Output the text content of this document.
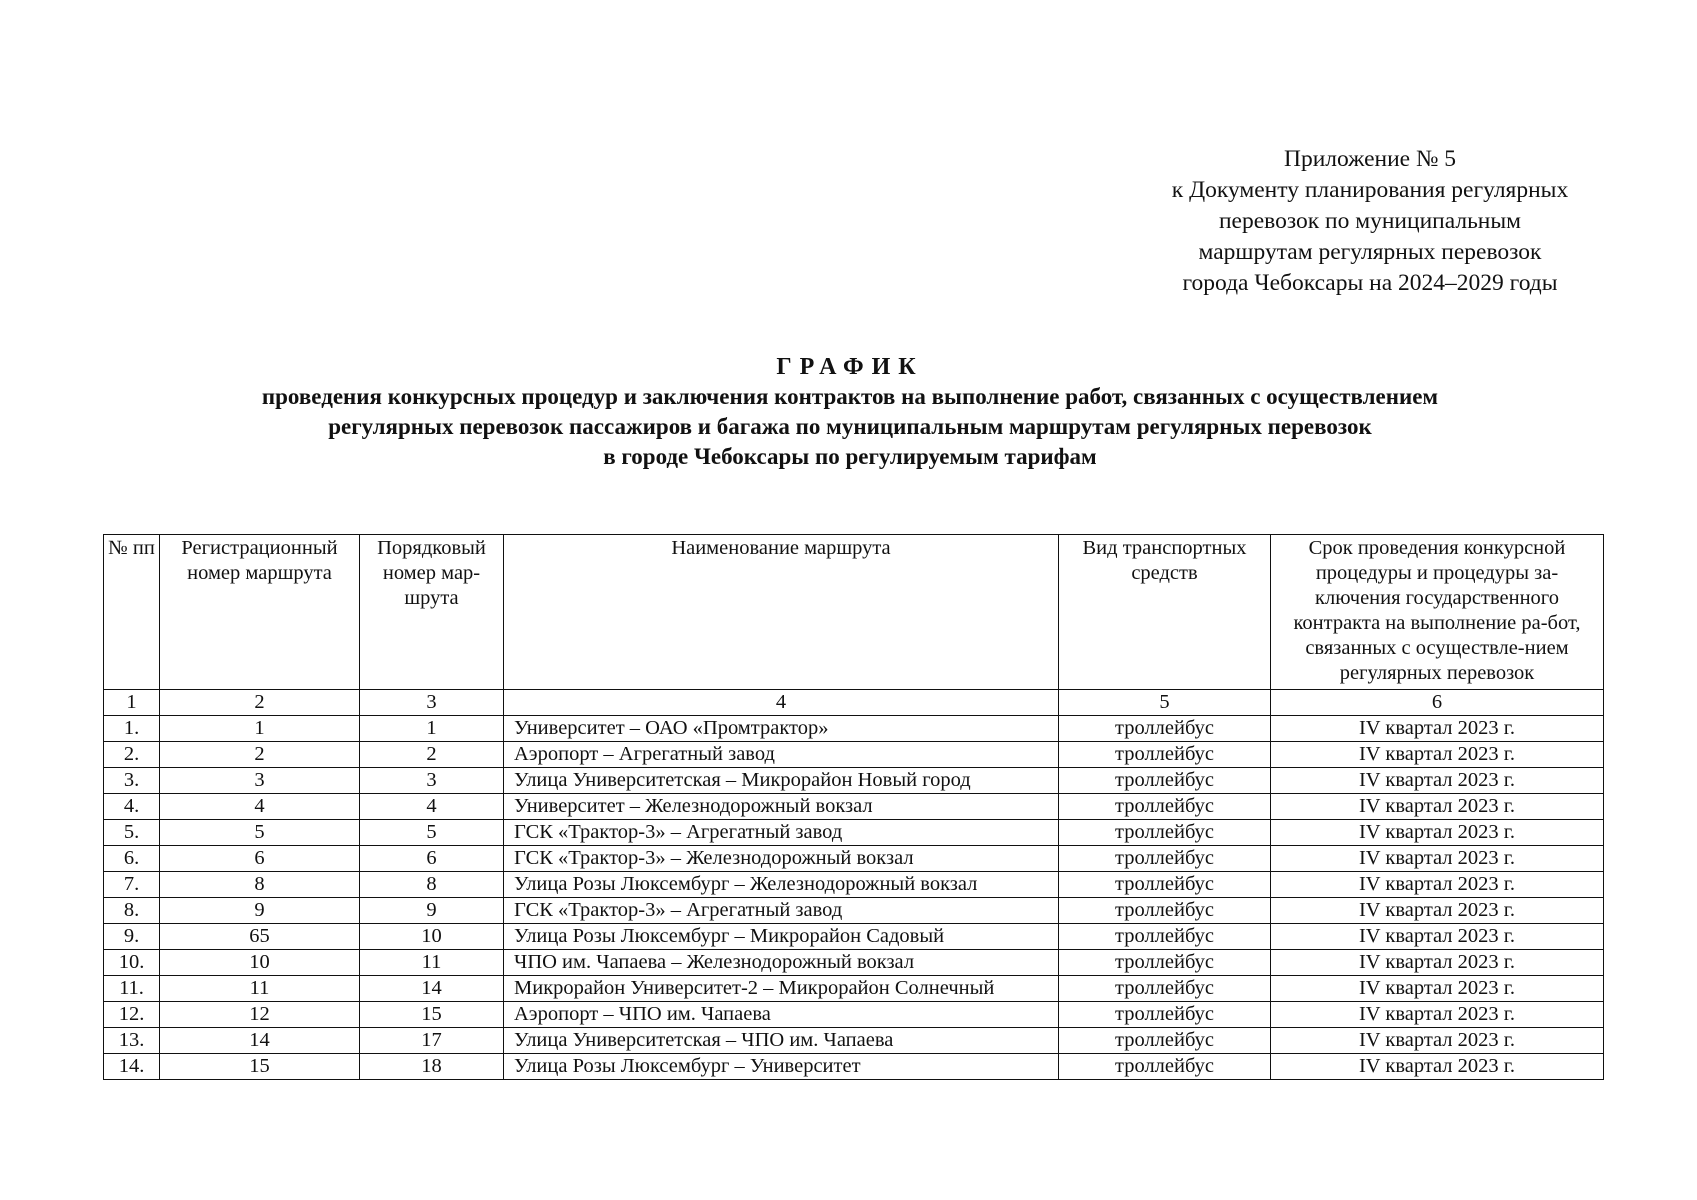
Приложение № 5
к Документу планирования регулярных
перевозок по муниципальным
маршрутам регулярных перевозок
города Чебоксары на 2024–2029 годы
ГРАФИК
проведения конкурсных процедур и заключения контрактов на выполнение работ, связанных с осуществлением
регулярных перевозок пассажиров и багажа по муниципальным маршрутам регулярных перевозок
в городе Чебоксары по регулируемым тарифам
№ пп	Регистрационный номер маршрута	Порядковый номер мар-шрута	Наименование маршрута	Вид транспортных средств	Срок проведения конкурсной процедуры и процедуры за-ключения государственного контракта на выполнение ра-бот, связанных с осуществле-нием регулярных перевозок
1	2	3	4	5	6
1.	1	1	Университет – ОАО «Промтрактор»	троллейбус	IV квартал 2023 г.
2.	2	2	Аэропорт – Агрегатный завод	троллейбус	IV квартал 2023 г.
3.	3	3	Улица Университетская – Микрорайон Новый город	троллейбус	IV квартал 2023 г.
4.	4	4	Университет – Железнодорожный вокзал	троллейбус	IV квартал 2023 г.
5.	5	5	ГСК «Трактор-3» – Агрегатный завод	троллейбус	IV квартал 2023 г.
6.	6	6	ГСК «Трактор-3» – Железнодорожный вокзал	троллейбус	IV квартал 2023 г.
7.	8	8	Улица Розы Люксембург – Железнодорожный вокзал	троллейбус	IV квартал 2023 г.
8.	9	9	ГСК «Трактор-3» – Агрегатный завод	троллейбус	IV квартал 2023 г.
9.	65	10	Улица Розы Люксембург – Микрорайон Садовый	троллейбус	IV квартал 2023 г.
10.	10	11	ЧПО им. Чапаева – Железнодорожный вокзал	троллейбус	IV квартал 2023 г.
11.	11	14	Микрорайон Университет-2 – Микрорайон Солнечный	троллейбус	IV квартал 2023 г.
12.	12	15	Аэропорт – ЧПО им. Чапаева	троллейбус	IV квартал 2023 г.
13.	14	17	Улица Университетская – ЧПО им. Чапаева	троллейбус	IV квартал 2023 г.
14.	15	18	Улица Розы Люксембург – Университет	троллейбус	IV квартал 2023 г.
